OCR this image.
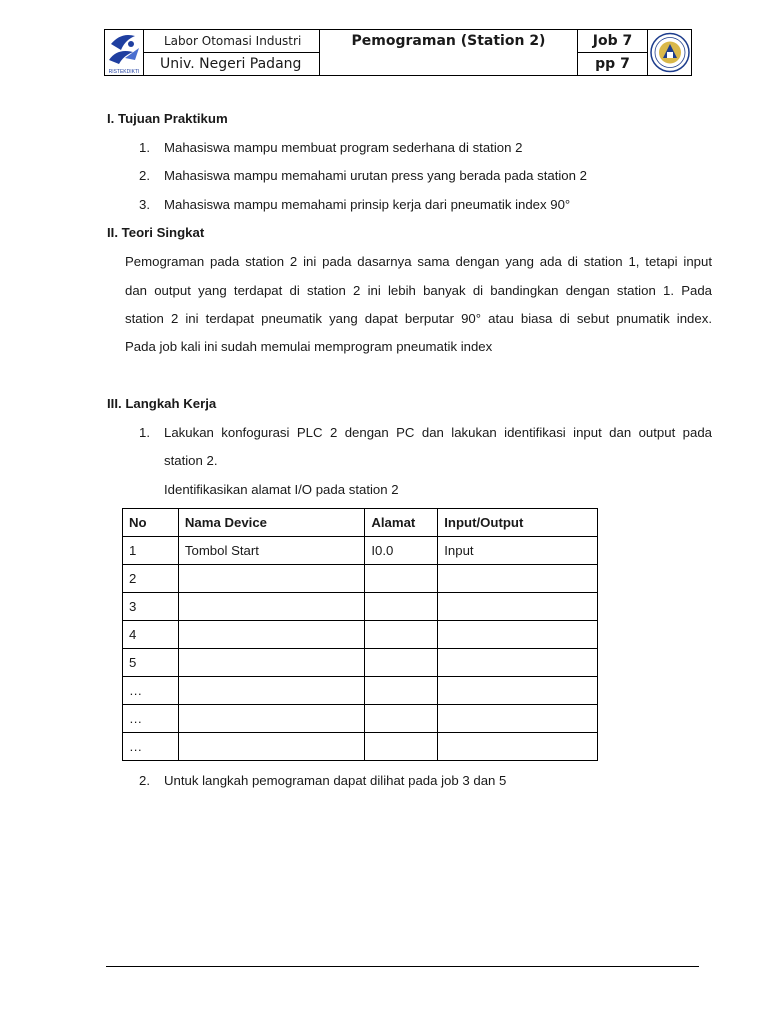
RISTEKDIKTI
Labor Otomasi Industri
Univ. Negeri Padang
Pemograman (Station 2)	Job 7
pp 7
I. Tujuan Praktikum
1. Mahasiswa mampu membuat program sederhana di station 2
2. Mahasiswa mampu memahami urutan press yang berada pada station 2
3. Mahasiswa mampu memahami prinsip kerja dari pneumatik index 90°
II. Teori Singkat
Pemograman pada station 2 ini pada dasarnya sama dengan yang ada di station 1, tetapi input
dan output yang terdapat di station 2 ini lebih banyak di bandingkan dengan station 1. Pada
station 2 ini terdapat pneumatik yang dapat berputar 90° atau biasa di sebut pnumatik index.
Pada job kali ini sudah memulai memprogram pneumatik index
III. Langkah Kerja
1. Lakukan konfogurasi PLC 2 dengan PC dan lakukan identifikasi input dan output pada
station 2.
Identifikasikan alamat I/O pada station 2
No	Nama Device	Alamat	Input/Output
1	Tombol Start	I0.0	Input
2			
3			
4			
5			
…			
…			
…			
2. Untuk langkah pemograman dapat dilihat pada job 3 dan 5
